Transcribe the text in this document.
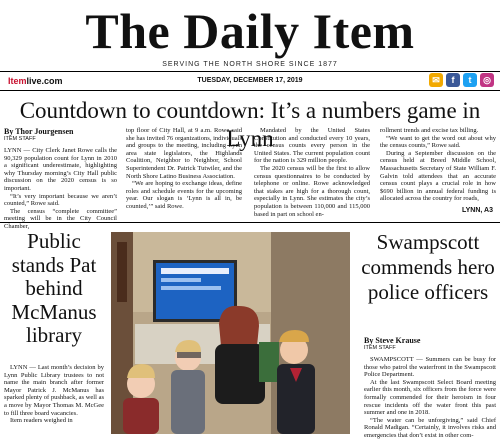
The Daily Item
SERVING THE NORTH SHORE SINCE 1877
Itemlive.com	TUESDAY, DECEMBER 17, 2019	✉	f	t	◎
Countdown to countdown: It’s a numbers game in Lynn
By Thor Jourgensen
ITEM STAFF

LYNN — City Clerk Janet Rowe calls the 90,329 population count for Lynn in 2010 a significant underestimate, highlighting why Thursday morning’s City Hall public discussion on the 2020 census is so important.

“It’s very important because we aren’t counted,” Rowe said.

The census “complete committee” meeting will be in the City Council Chamber,

top floor of City Hall, at 9 a.m. Rowe said she has invited 76 organizations, individuals and groups to the meeting, including Lynn area state legislators, the Highlands Coalition, Neighbor to Neighbor, School Superintendent Dr. Patrick Tutwiler, and the North Shore Latino Business Association.

“We are hoping to exchange ideas, define roles and schedule events for the upcoming year. Our slogan is ‘Lynn is all in, be counted,’” said Rowe.

Mandated by the United States Constitution and conducted every 10 years, the census counts every person in the United States. The current population count for the nation is 329 million people.

The 2020 census will be the first to allow census questionnaires to be conducted by telephone or online. Rowe acknowledged that stakes are high for a thorough count, especially in Lynn. She estimates the city’s population is between 110,000 and 115,000 based in part on school en-

rollment trends and excise tax billing.

“We want to get the word out about why the census counts,” Rowe said.

During a September discussion on the census held at Breed Middle School, Massachusetts Secretary of State William F. Galvin told attendees that an accurate census count plays a crucial role in how $690 billion in annual federal funding is allocated across the country for roads,

LYNN, A3
Public stands Pat behind McManus library

LYNN — Last month’s decision by Lynn Public Library trustees to not name the main branch after former Mayor Patrick J. McManus has sparked plenty of pushback, as well as a move by Mayor Thomas M. McGee to fill three board vacancies.

Item readers weighed in

Swampscott commends hero police officers
By Steve Krause
ITEM STAFF

SWAMPSCOTT — Summers can be busy for those who patrol the waterfront in the Swampscott Police Department.

At the last Swampscott Select Board meeting earlier this month, six officers from the force were formally commended for their heroism in four rescue incidents off the water front this past summer and one in 2018.

“The water can be unforgiving,” said Chief Ronald Madigan. “Certainly, it involves risks and emergencies that don’t exist in other com-
